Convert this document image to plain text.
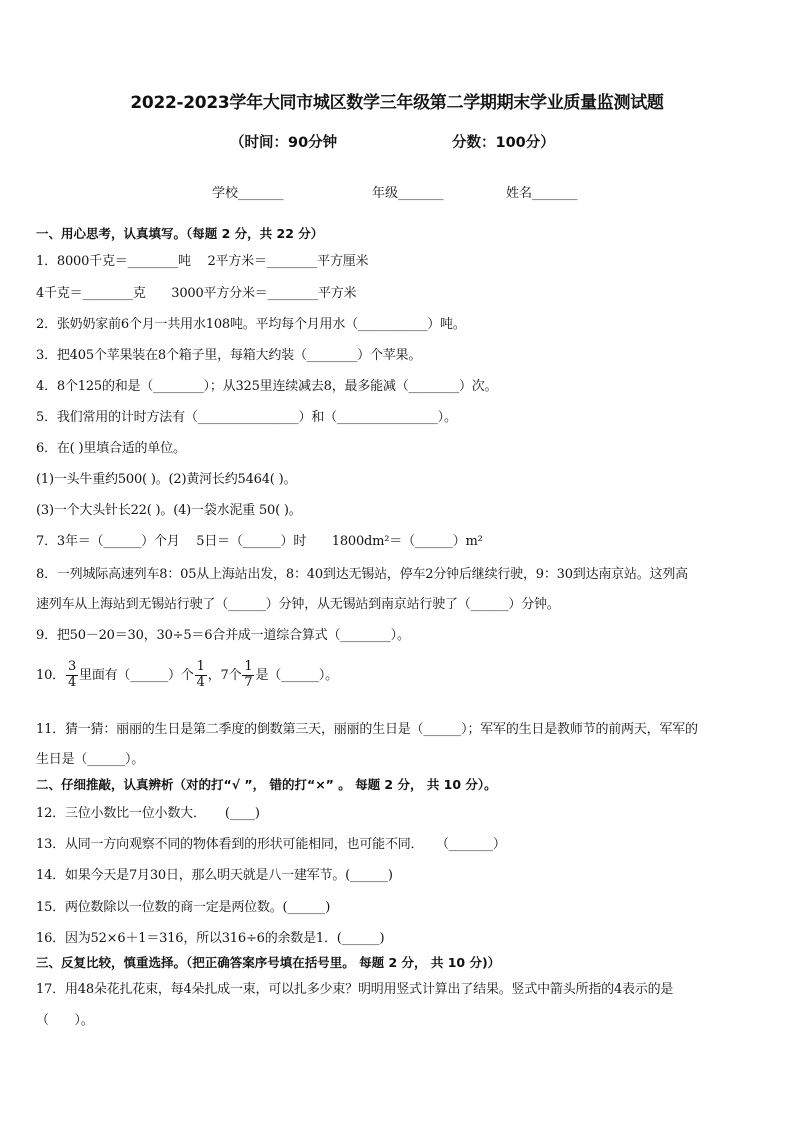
2022-2023学年大同市城区数学三年级第二学期期末学业质量监测试题
（时间：90分钟	分数：100分）
学校_______	年级_______	姓名_______
一、用心思考，认真填写。（每题 2 分，共 22 分）
1．8000千克＝________吨　 2平方米＝________平方厘米
4千克＝________克　　3000平方分米＝________平方米
2．张奶奶家前6个月一共用水108吨。平均每个月用水（___________）吨。
3．把405个苹果装在8个箱子里，每箱大约装（________）个苹果。
4．8个125的和是（________）；从325里连续减去8，最多能减（________）次。
5．我们常用的计时方法有（________________）和（________________）。
6．在( )里填合适的单位。
(1)一头牛重约500( )。(2)黄河长约5464( )。
(3)一个大头针长22( )。(4)一袋水泥重 50( )。
7．3年＝（______）个月　 5日＝（______）时　　1800dm²＝（______）m²
8．一列城际高速列车8：05从上海站出发，8：40到达无锡站，停车2分钟后继续行驶，9：30到达南京站。这列高
速列车从上海站到无锡站行驶了（______）分钟，从无锡站到南京站行驶了（______）分钟。
9．把50－20＝30，30÷5＝6合并成一道综合算式（________）。
10． $\frac{3}{4}$ 里面有（______）个 $\frac{1}{4}$ ，7个 $\frac{1}{7}$ 是（______）。
11．猜一猜：丽丽的生日是第二季度的倒数第三天，丽丽的生日是（______）；军军的生日是教师节的前两天，军军的
生日是（______）。
二、仔细推敲，认真辨析（对的打“√ ”， 错的打“×” 。 每题 2 分， 共 10 分）。
12．三位小数比一位小数大．　　(____)
13．从同一方向观察不同的物体看到的形状可能相同，也可能不同．　　（_______）
14．如果今天是7月30日，那么明天就是八一建军节。(______)
15．两位数除以一位数的商一定是两位数。(______)
16．因为52×6＋1＝316，所以316÷6的余数是1．(______)
三、反复比较，慎重选择。（把正确答案序号填在括号里。 每题 2 分， 共 10 分)）
17．用48朵花扎花束，每4朵扎成一束，可以扎多少束？明明用竖式计算出了结果。竖式中箭头所指的4表示的是
（　　）。
